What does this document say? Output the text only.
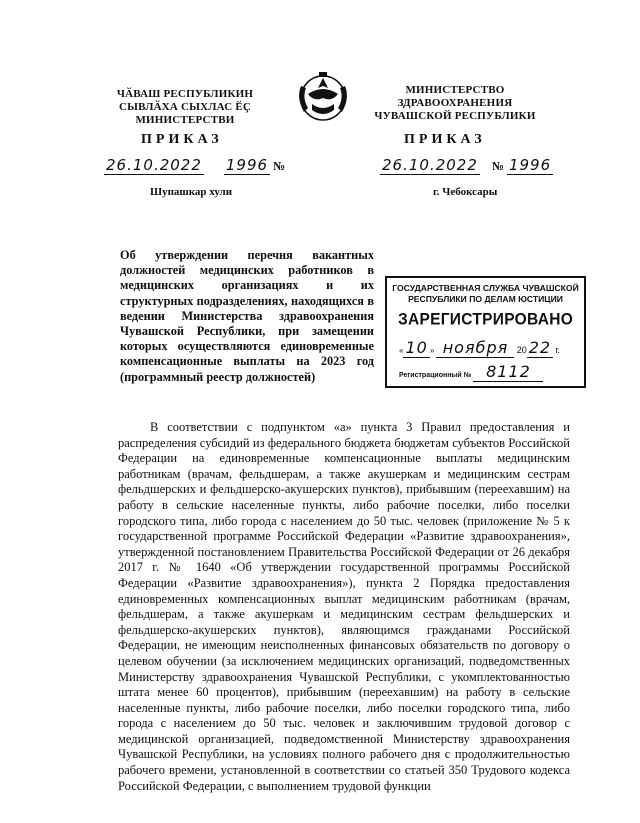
ЧӐВАШ РЕСПУБЛИКИН
СЫВЛӐХА СЫХЛАС ӖҪ
МИНИСТЕРСТВИ
МИНИСТЕРСТВО
ЗДРАВООХРАНЕНИЯ
ЧУВАШСКОЙ РЕСПУБЛИКИ
ПРИКАЗ	ПРИКАЗ
26.10.2022 1996 №	26.10.2022 № 1996
Шупашкар хули	г. Чебоксары
Об утверждении перечня вакантных должностей медицинских работников в медицинских организациях и их структурных подразделениях, находящихся в ведении Министерства здравоохранения Чувашской Республики, при замещении которых осуществляются единовременные компенсационные выплаты на 2023 год (программный реестр должностей)
ГОСУДАРСТВЕННАЯ СЛУЖБА ЧУВАШСКОЙ
РЕСПУБЛИКИ ПО ДЕЛАМ ЮСТИЦИИ
ЗАРЕГИСТРИРОВАНО
« 10 » ноября 20 22 г.
Регистрационный № 8112

В соответствии с подпунктом «а» пункта 3 Правил предоставления и распределения субсидий из федерального бюджета бюджетам субъектов Российской Федерации на единовременные компенсационные выплаты медицинским работникам (врачам, фельдшерам, а также акушеркам и медицинским сестрам фельдшерских и фельдшерско-акушерских пунктов), прибывшим (переехавшим) на работу в сельские населенные пункты, либо рабочие поселки, либо поселки городского типа, либо города с населением до 50 тыс. человек (приложение № 5 к государственной программе Российской Федерации «Развитие здравоохранения», утвержденной постановлением Правительства Российской Федерации от 26 декабря 2017 г. № 1640 «Об утверждении государственной программы Российской Федерации «Развитие здравоохранения»), пункта 2 Порядка предоставления единовременных компенсационных выплат медицинским работникам (врачам, фельдшерам, а также акушеркам и медицинским сестрам фельдшерских и фельдшерско-акушерских пунктов), являющимся гражданами Российской Федерации, не имеющим неисполненных финансовых обязательств по договору о целевом обучении (за исключением медицинских организаций, подведомственных Министерству здравоохранения Чувашской Республики, с укомплектованностью штата менее 60 процентов), прибывшим (переехавшим) на работу в сельские населенные пункты, либо рабочие поселки, либо поселки городского типа, либо города с населением до 50 тыс. человек и заключившим трудовой договор с медицинской организацией, подведомственной Министерству здравоохранения Чувашской Республики, на условиях полного рабочего дня с продолжительностью рабочего времени, установленной в соответствии со статьей 350 Трудового кодекса Российской Федерации, с выполнением трудовой функции
